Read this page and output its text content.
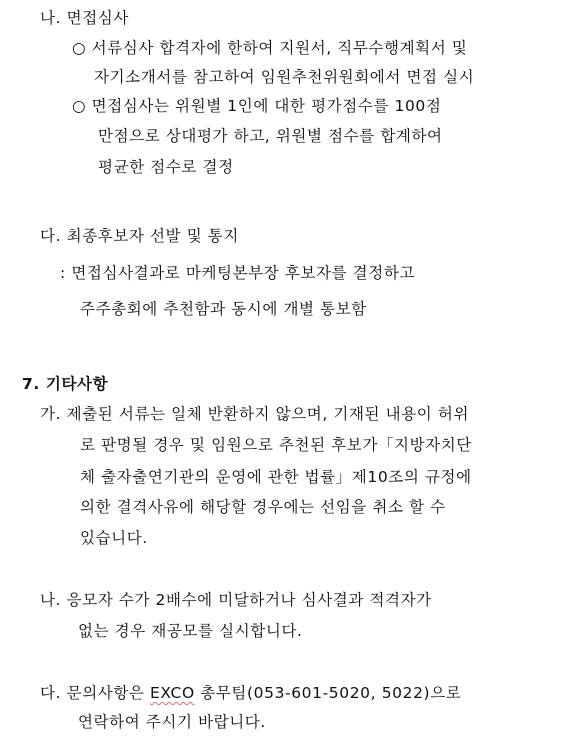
나. 면접심사
○ 서류심사 합격자에 한하여 지원서, 직무수행계획서 및
자기소개서를 참고하여 임원추천위원회에서 면접 실시
○ 면접심사는 위원별 1인에 대한 평가점수를 100점
만점으로 상대평가 하고, 위원별 점수를 합계하여
평균한 점수로 결정
다. 최종후보자 선발 및 통지
: 면접심사결과로 마케팅본부장 후보자를 결정하고
주주총회에 추천함과 동시에 개별 통보함
7. 기타사항
가. 제출된 서류는 일체 반환하지 않으며, 기재된 내용이 허위
로 판명될 경우 및 임원으로 추천된 후보가「지방자치단
체 출자출연기관의 운영에 관한 법률」제10조의 규정에
의한 결격사유에 해당할 경우에는 선임을 취소 할 수
있습니다.
나. 응모자 수가 2배수에 미달하거나 심사결과 적격자가
없는 경우 재공모를 실시합니다.
다. 문의사항은 EXCO 총무팀(053-601-5020, 5022)으로
연락하여 주시기 바랍니다.
